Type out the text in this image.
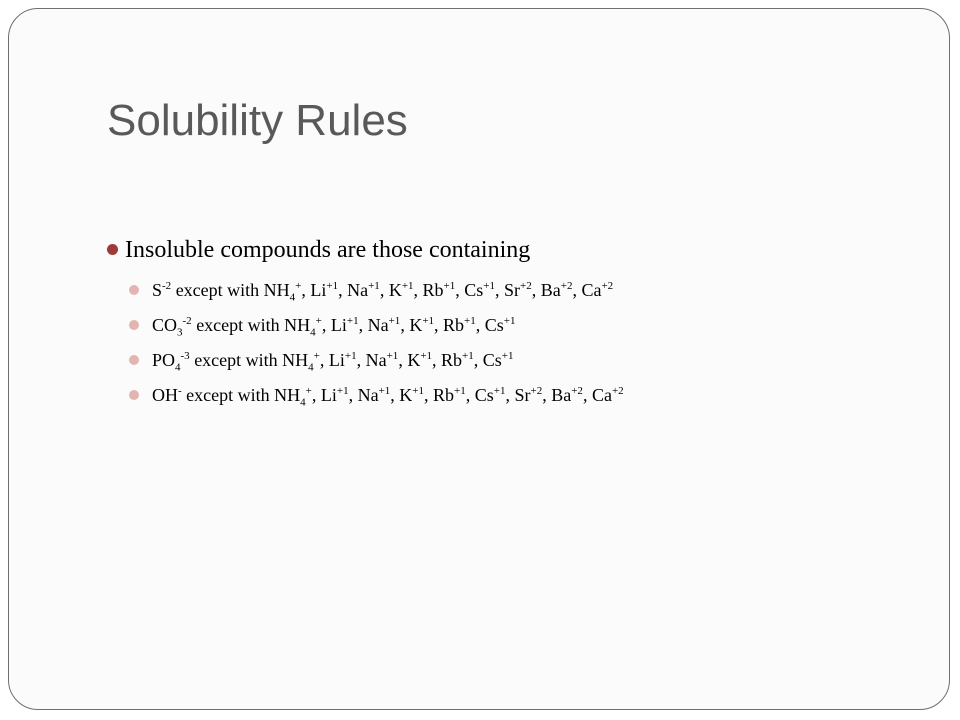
Solubility Rules
Insoluble compounds are those containing
$S^{-2}$ except with $NH_4^+$, $Li^{+1}$, $Na^{+1}$, $K^{+1}$, $Rb^{+1}$, $Cs^{+1}$, $Sr^{+2}$, $Ba^{+2}$, $Ca^{+2}$
$CO_3^{-2}$ except with $NH_4^+$, $Li^{+1}$, $Na^{+1}$, $K^{+1}$, $Rb^{+1}$, $Cs^{+1}$
$PO_4^{-3}$ except with $NH_4^+$, $Li^{+1}$, $Na^{+1}$, $K^{+1}$, $Rb^{+1}$, $Cs^{+1}$
OH- except with $NH_4^+$, $Li^{+1}$, $Na^{+1}$, $K^{+1}$, $Rb^{+1}$, $Cs^{+1}$, $Sr^{+2}$, $Ba^{+2}$, $Ca^{+2}$
